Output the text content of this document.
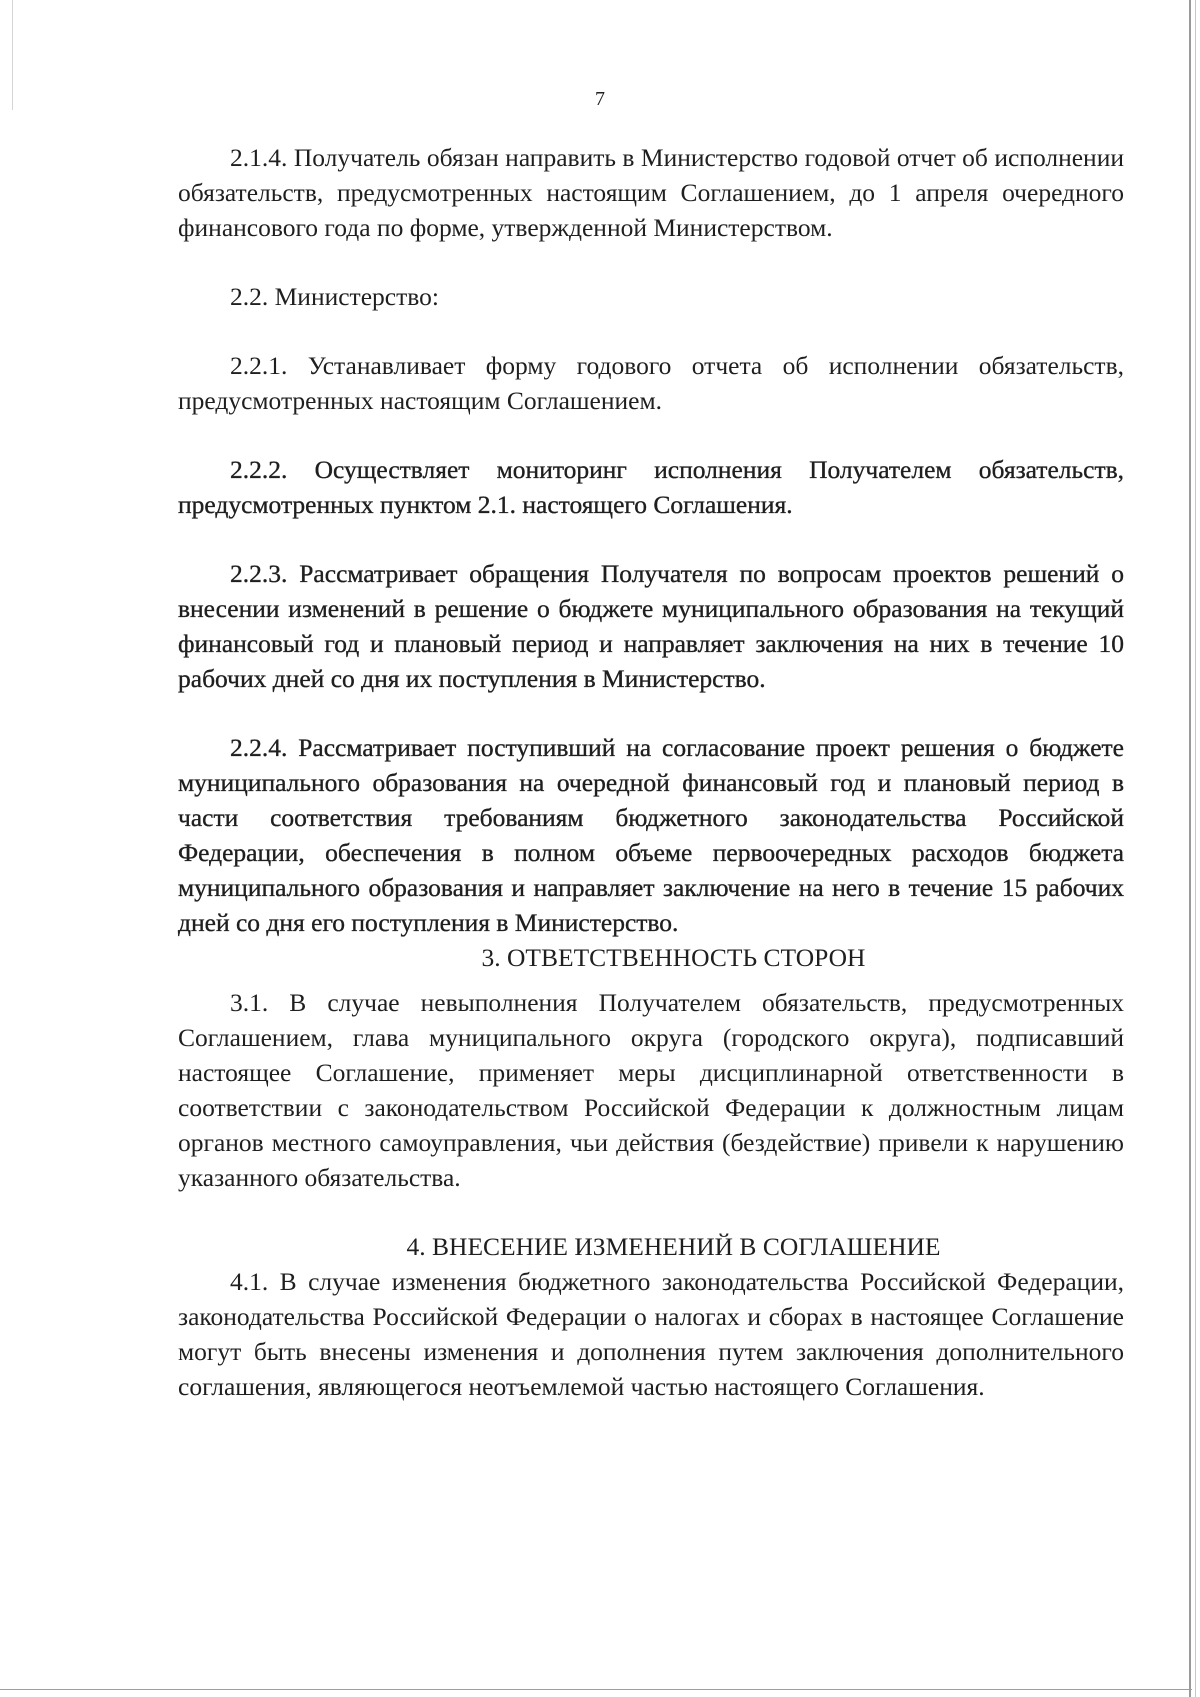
7

2.1.4. Получатель обязан направить в Министерство годовой отчет об исполнении обязательств, предусмотренных настоящим Соглашением, до 1 апреля очередного финансового года по форме, утвержденной Министерством.

2.2. Министерство:

2.2.1. Устанавливает форму годового отчета об исполнении обязательств, предусмотренных настоящим Соглашением.

2.2.2. Осуществляет мониторинг исполнения Получателем обязательств, предусмотренных пунктом 2.1. настоящего Соглашения.

2.2.3. Рассматривает обращения Получателя по вопросам проектов решений о внесении изменений в решение о бюджете муниципального образования на текущий финансовый год и плановый период и направляет заключения на них в течение 10 рабочих дней со дня их поступления в Министерство.

2.2.4. Рассматривает поступивший на согласование проект решения о бюджете муниципального образования на очередной финансовый год и плановый период в части соответствия требованиям бюджетного законодательства Российской Федерации, обеспечения в полном объеме первоочередных расходов бюджета муниципального образования и направляет заключение на него в течение 15 рабочих дней со дня его поступления в Министерство.

3. ОТВЕТСТВЕННОСТЬ СТОРОН

3.1. В случае невыполнения Получателем обязательств, предусмотренных Соглашением, глава муниципального округа (городского округа), подписавший настоящее Соглашение, применяет меры дисциплинарной ответственности в соответствии с законодательством Российской Федерации к должностным лицам органов местного самоуправления, чьи действия (бездействие) привели к нарушению указанного обязательства.

4. ВНЕСЕНИЕ ИЗМЕНЕНИЙ В СОГЛАШЕНИЕ

4.1. В случае изменения бюджетного законодательства Российской Федерации, законодательства Российской Федерации о налогах и сборах в настоящее Соглашение могут быть внесены изменения и дополнения путем заключения дополнительного соглашения, являющегося неотъемлемой частью настоящего Соглашения.
